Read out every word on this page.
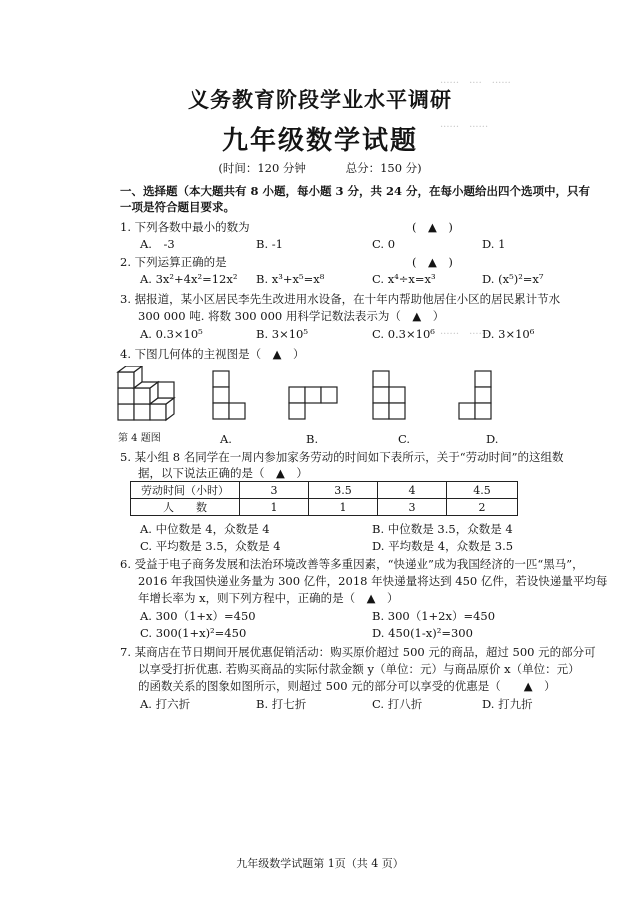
······　····　······
······　······
······　······
义务教育阶段学业水平调研
九年级数学试题
(时间：120 分钟	总分：150 分)
一、选择题（本大题共有 8 小题，每小题 3 分，共 24 分，在每小题给出四个选项中，只有
一项是符合题目要求。
1. 下列各数中最小的数为	(　▲　)
A.　-3	B. -1	C. 0	D. 1
2. 下列运算正确的是	(　▲　)
A. 3x²+4x²=12x² B. x³+x⁵=x⁸	C. x⁴÷x=x³	D. (x⁵)²=x⁷
3. 据报道，某小区居民李先生改进用水设备，在十年内帮助他居住小区的居民累计节水
300 000 吨. 将数 300 000 用科学记数法表示为（　▲　）
A. 0.3×10⁵	B. 3×10⁵	C. 0.3×10⁶	D. 3×10⁶
4. 下图几何体的主视图是（　▲　）
第 4 题图	A.	B.	C.	D.
5. 某小组 8 名同学在一周内参加家务劳动的时间如下表所示，关于“劳动时间”的这组数
据，以下说法正确的是（　▲　）
劳动时间（小时）	3	3.5	4	4.5
人　　数	1	1	3	2
A. 中位数是 4，众数是 4	B. 中位数是 3.5，众数是 4
C. 平均数是 3.5，众数是 4	D. 平均数是 4，众数是 3.5
6. 受益于电子商务发展和法治环境改善等多重因素，“快递业”成为我国经济的一匹“黑马”，
2016 年我国快递业务量为 300 亿件，2018 年快递量将达到 450 亿件，若设快递量平均每
年增长率为 x，则下列方程中，正确的是（　▲　）
A. 300（1+x）=450	B. 300（1+2x）=450
C. 300(1+x)²=450	D. 450(1-x)²=300
7. 某商店在节日期间开展优惠促销活动：购买原价超过 500 元的商品，超过 500 元的部分可
以享受打折优惠. 若购买商品的实际付款金额 y（单位：元）与商品原价 x（单位：元）
的函数关系的图象如图所示，则超过 500 元的部分可以享受的优惠是（　　▲　）
A. 打六折	B. 打七折	C. 打八折	D. 打九折
九年级数学试题第 1页（共 4 页）
